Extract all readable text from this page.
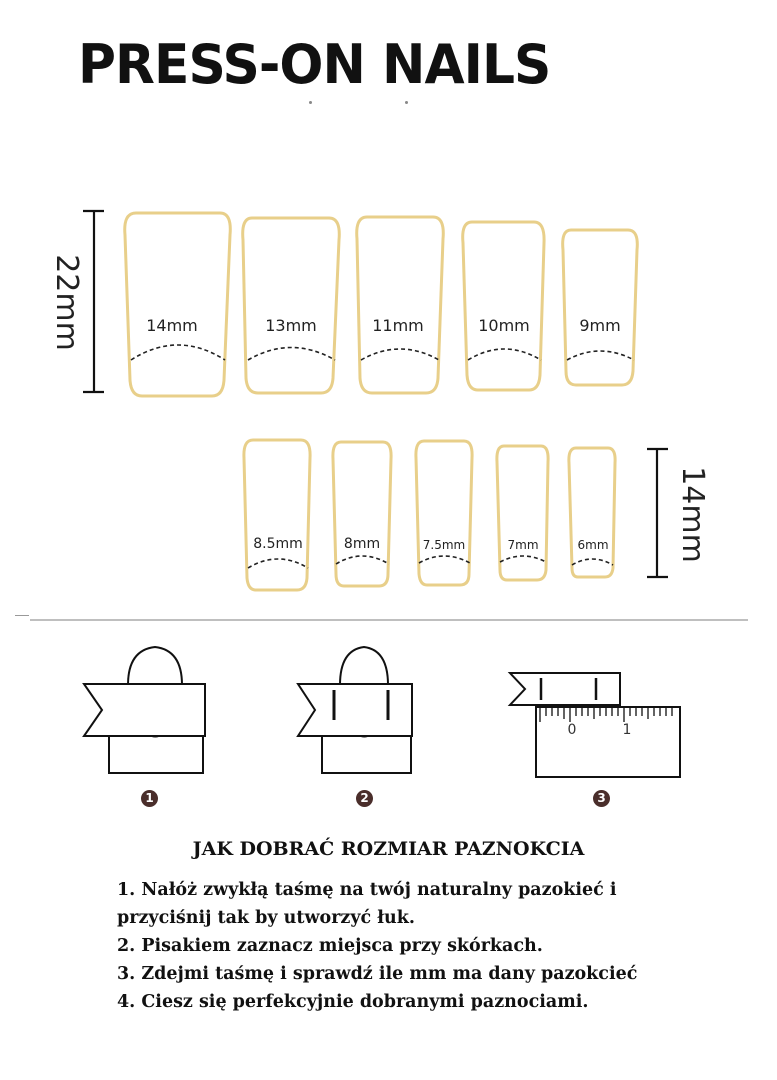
PRESS-ON NAILS
14mm	13mm	11mm	10mm	9mm
8.5mm	8mm	7.5mm	7mm	6mm
22mm
14mm
0	1
1	2	3
JAK DOBRAĆ ROZMIAR PAZNOKCIA
1. Nałóż zwykłą taśmę na twój naturalny pazokieć i
przyciśnij tak by utworzyć łuk.
2. Pisakiem zaznacz miejsca przy skórkach.
3. Zdejmi taśmę i sprawdź ile mm ma dany pazokcieć
4. Ciesz się perfekcyjnie dobranymi paznociami.
